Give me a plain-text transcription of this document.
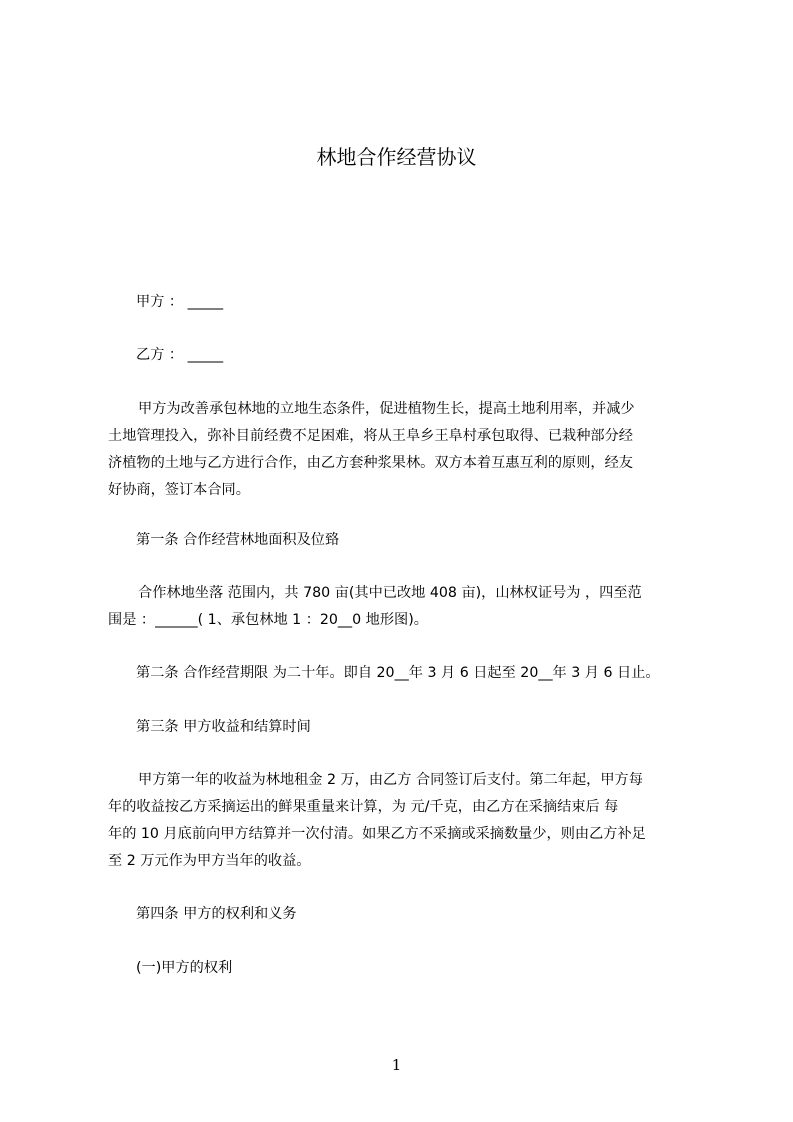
林地合作经营协议
甲方 ： _____
乙方 ： _____
甲方为改善承包林地的立地生态条件，促进植物生长，提高土地利用率，并减少
土地管理投入，弥补目前经费不足困难，将从王阜乡王阜村承包取得、已栽种部分经
济植物的土地与乙方进行合作，由乙方套种浆果林。双方本着互惠互利的原则，经友
好协商，签订本合同。
第一条 合作经营林地面积及位臵
合作林地坐落 范围内，共 780 亩(其中已改地 408 亩)，山林权证号为 ，四至范
围是 ：______( 1、承包林地 1 ：20__0 地形图)。
第二条 合作经营期限 为二十年。即自 20__年 3 月 6 日起至 20__年 3 月 6 日止。
第三条 甲方收益和结算时间
甲方第一年的收益为林地租金 2 万，由乙方 合同签订后支付。第二年起，甲方每
年的收益按乙方采摘运出的鲜果重量来计算，为 元/千克，由乙方在采摘结束后 每
年的 10 月底前向甲方结算并一次付清。如果乙方不采摘或采摘数量少，则由乙方补足
至 2 万元作为甲方当年的收益。
第四条 甲方的权利和义务
(一)甲方的权利
1
